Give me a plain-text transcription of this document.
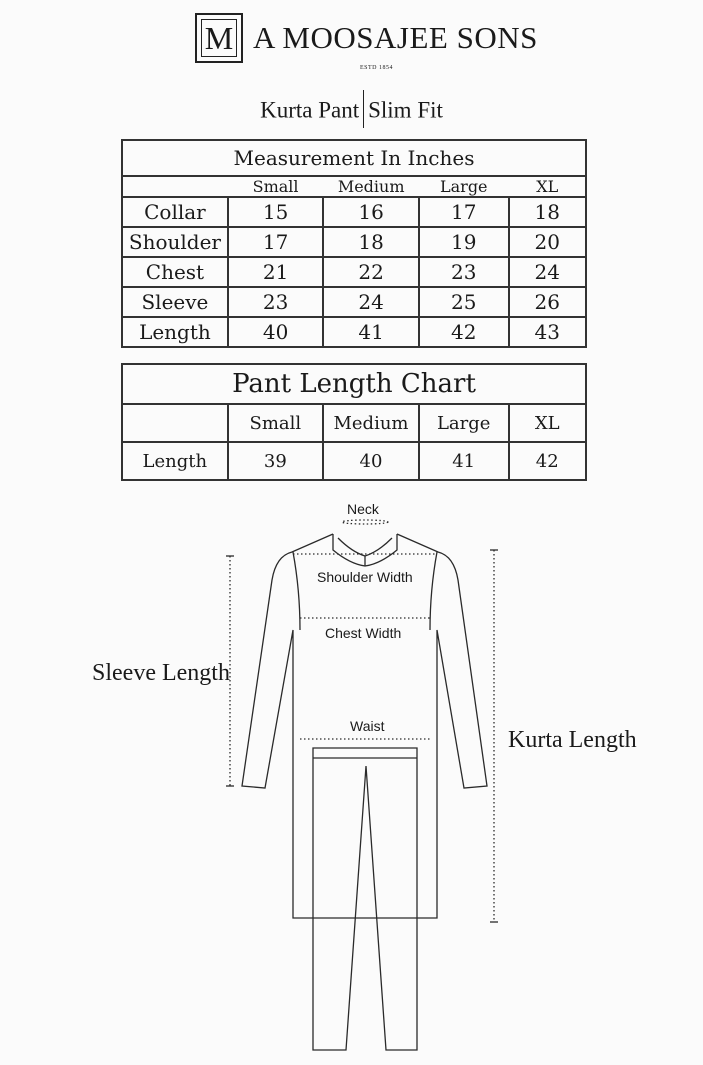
M A MOOSAJEE SONS
ESTD 1854
Kurta Pant Slim Fit
Measurement In Inches				
	Small	Medium	Large	XL
Collar	15	16	17	18
Shoulder	17	18	19	20
Chest	21	22	23	24
Sleeve	23	24	25	26
Length	40	41	42	43
Pant Length Chart				
	Small	Medium	Large	XL
Length	39	40	41	42
Neck
Shoulder Width
Chest Width
Waist
Sleeve Length
Kurta Length
